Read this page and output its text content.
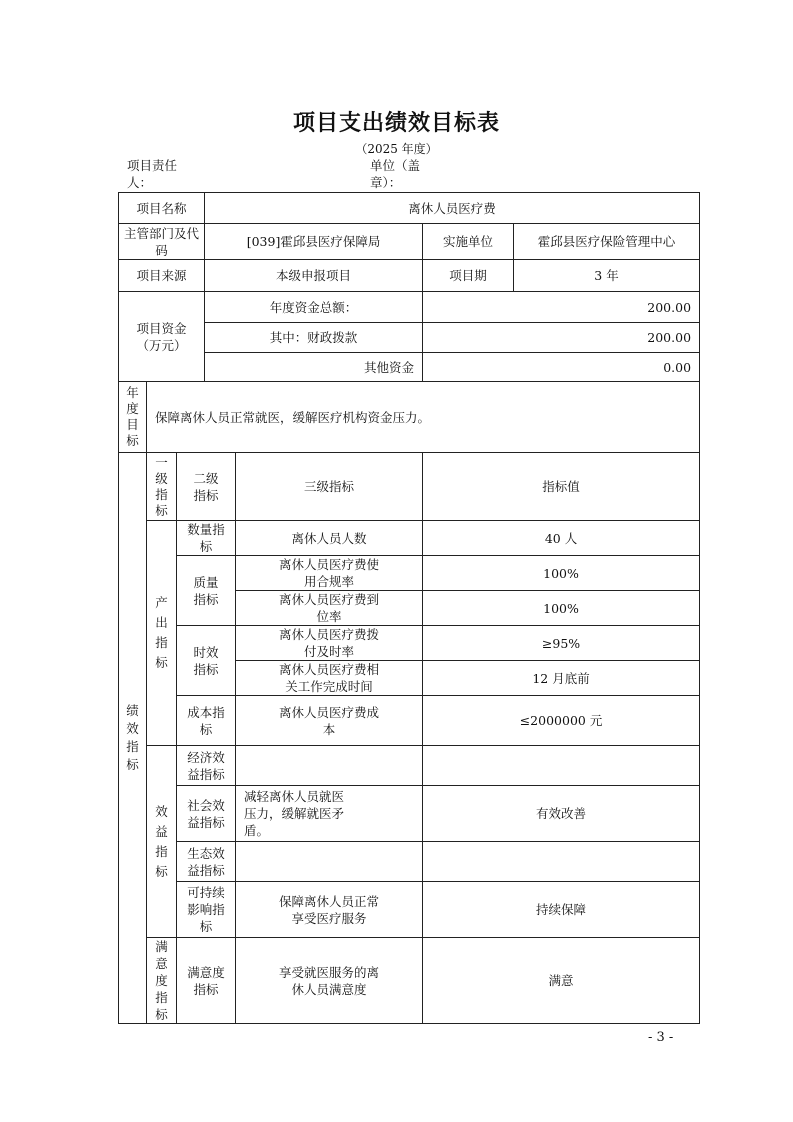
项目支出绩效目标表
（2025 年度）
项目责任人：
单位（盖章）：
项目名称			离休人员医疗费			
主管部门及代码			[039]霍邱县医疗保障局		实施单位	霍邱县医疗保险管理中心
项目来源			本级申报项目		项目期	3 年
项目资金（万元）			年度资金总额：		200.00	
			其中：财政拨款		200.00	
			其他资金		0.00	
年度目标	保障离休人员正常就医，缓解医疗机构资金压力。					
绩效指标	一级指标	二级指标		三级指标	指标值	
	产出指标	数量指标		离休人员人数	40 人	
		质量指标		离休人员医疗费使用合规率	100%	
				离休人员医疗费到位率	100%	
		时效指标		离休人员医疗费拨付及时率	≥95%	
				离休人员医疗费相关工作完成时间	12 月底前	
		成本指标		离休人员医疗费成本	≤2000000 元	
	效益指标	经济效益指标				
		社会效益指标		减轻离休人员就医压力，缓解就医矛盾。	有效改善	
		生态效益指标				
		可持续影响指标		保障离休人员正常享受医疗服务	持续保障	
	满意度指标	满意度指标		享受就医服务的离休人员满意度	满意	
- 3 -
